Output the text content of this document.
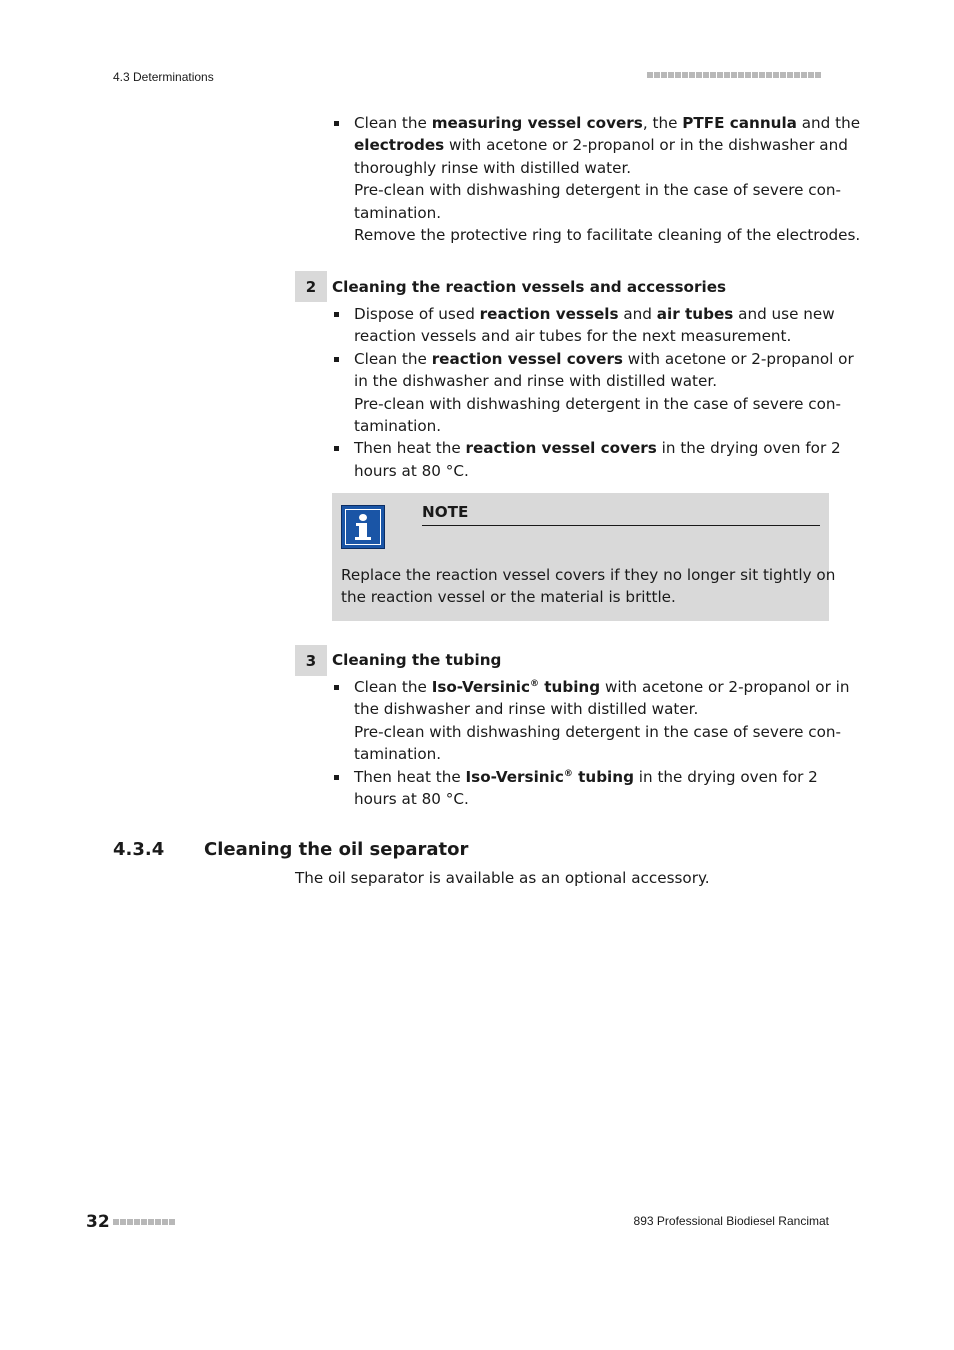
4.3 Determinations
Clean the measuring vessel covers, the PTFE cannula and the
electrodes with acetone or 2-propanol or in the dishwasher and
thoroughly rinse with distilled water.
Pre-clean with dishwashing detergent in the case of severe con-
tamination.
Remove the protective ring to facilitate cleaning of the electrodes.
2	Cleaning the reaction vessels and accessories
Dispose of used reaction vessels and air tubes and use new
reaction vessels and air tubes for the next measurement.
Clean the reaction vessel covers with acetone or 2-propanol or
in the dishwasher and rinse with distilled water.
Pre-clean with dishwashing detergent in the case of severe con-
tamination.
Then heat the reaction vessel covers in the drying oven for 2
hours at 80 °C.
NOTE
Replace the reaction vessel covers if they no longer sit tightly on
the reaction vessel or the material is brittle.
3	Cleaning the tubing
Clean the Iso-Versinic® tubing with acetone or 2-propanol or in
the dishwasher and rinse with distilled water.
Pre-clean with dishwashing detergent in the case of severe con-
tamination.
Then heat the Iso-Versinic® tubing in the drying oven for 2
hours at 80 °C.
4.3.4 Cleaning the oil separator
The oil separator is available as an optional accessory.
32	893 Professional Biodiesel Rancimat
